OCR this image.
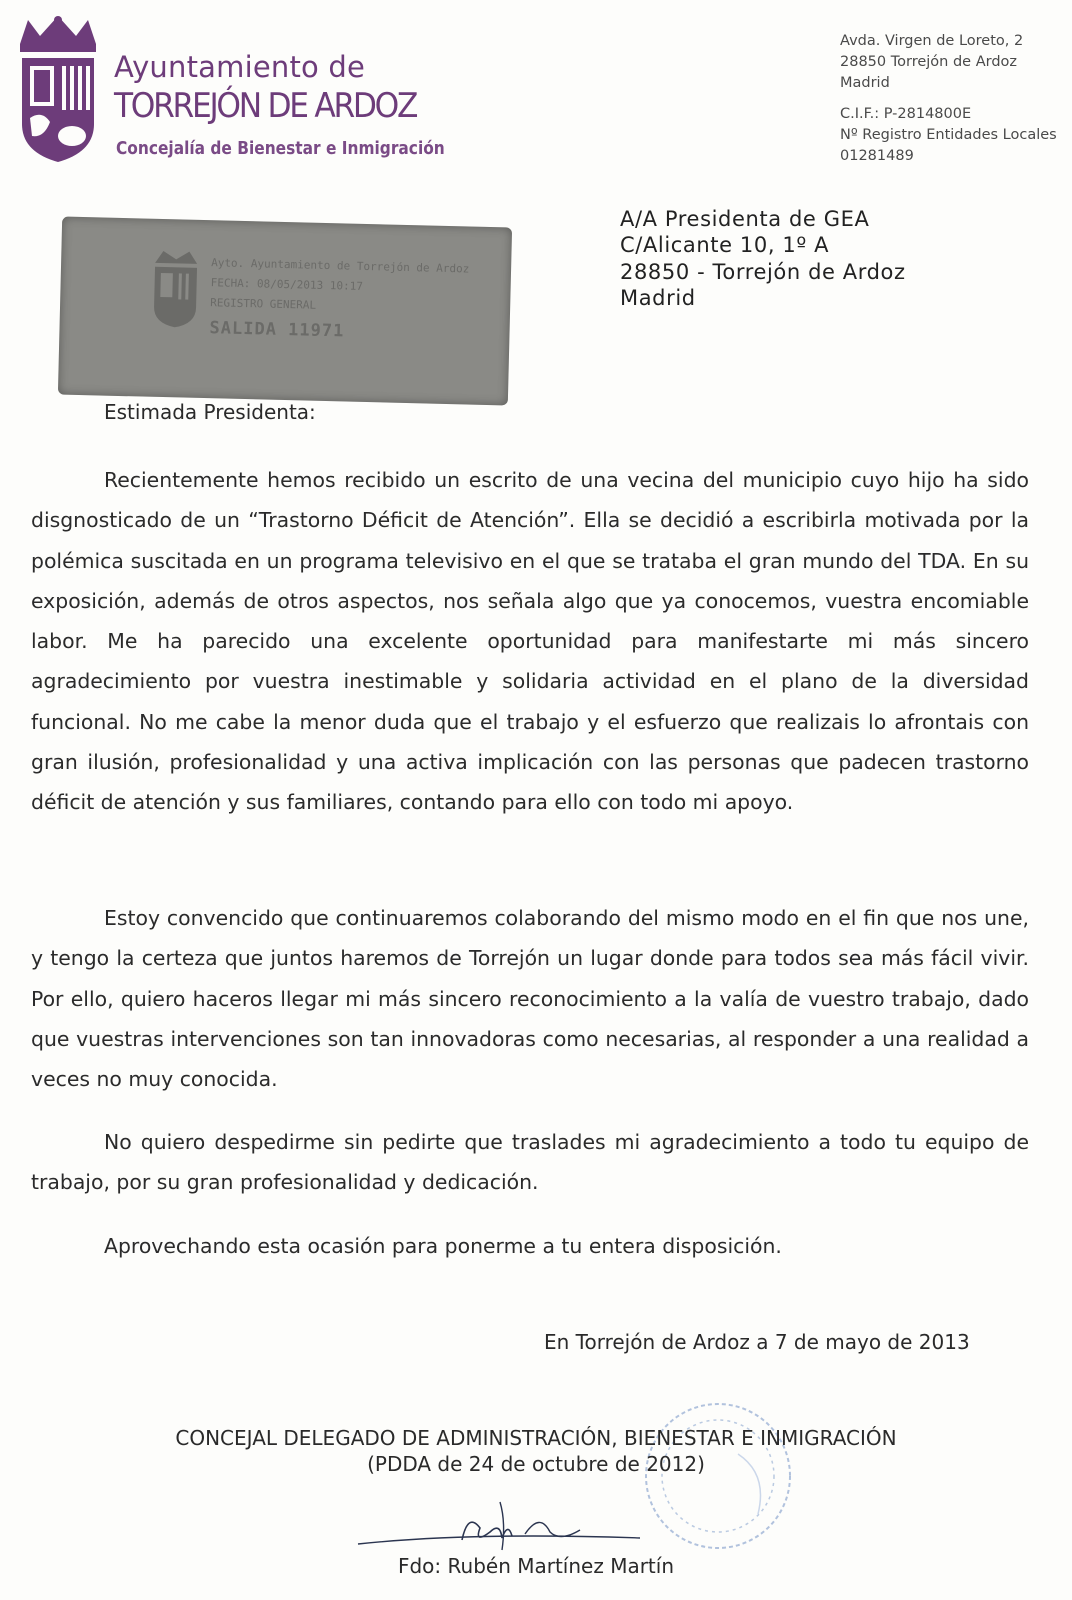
Ayuntamiento de
TORREJÓN DE ARDOZ
Concejalía de Bienestar e Inmigración
Avda. Virgen de Loreto, 2
28850 Torrejón de Ardoz
Madrid
C.I.F.: P-2814800E
Nº Registro Entidades Locales
01281489
Ayto. Ayuntamiento de Torrejón de Ardoz
FECHA: 08/05/2013 10:17
REGISTRO GENERAL
SALIDA 11971
A/A Presidenta de GEA
C/Alicante 10, 1º A
28850 - Torrejón de Ardoz
Madrid
Estimada Presidenta:
Recientemente hemos recibido un escrito de una vecina del municipio cuyo hijo ha sido disgnosticado de un “Trastorno Déficit de Atención”. Ella se decidió a escribirla motivada por la polémica suscitada en un programa televisivo en el que se trataba el gran mundo del TDA. En su exposición, además de otros aspectos, nos señala algo que ya conocemos, vuestra encomiable labor. Me ha parecido una excelente oportunidad para manifestarte mi más sincero agradecimiento por vuestra inestimable y solidaria actividad en el plano de la diversidad funcional. No me cabe la menor duda que el trabajo y el esfuerzo que realizais lo afrontais con gran ilusión, profesionalidad y una activa implicación con las personas que padecen trastorno déficit de atención y sus familiares, contando para ello con todo mi apoyo.
Estoy convencido que continuaremos colaborando del mismo modo en el fin que nos une, y tengo la certeza que juntos haremos de Torrejón un lugar donde para todos sea más fácil vivir. Por ello, quiero haceros llegar mi más sincero reconocimiento a la valía de vuestro trabajo, dado que vuestras intervenciones son tan innovadoras como necesarias, al responder a una realidad a veces no muy conocida.
No quiero despedirme sin pedirte que traslades mi agradecimiento a todo tu equipo de trabajo, por su gran profesionalidad y dedicación.
Aprovechando esta ocasión para ponerme a tu entera disposición.
En Torrejón de Ardoz a 7 de mayo de 2013
CONCEJAL DELEGADO DE ADMINISTRACIÓN, BIENESTAR E INMIGRACIÓN
(PDDA de 24 de octubre de 2012)
Fdo: Rubén Martínez Martín
